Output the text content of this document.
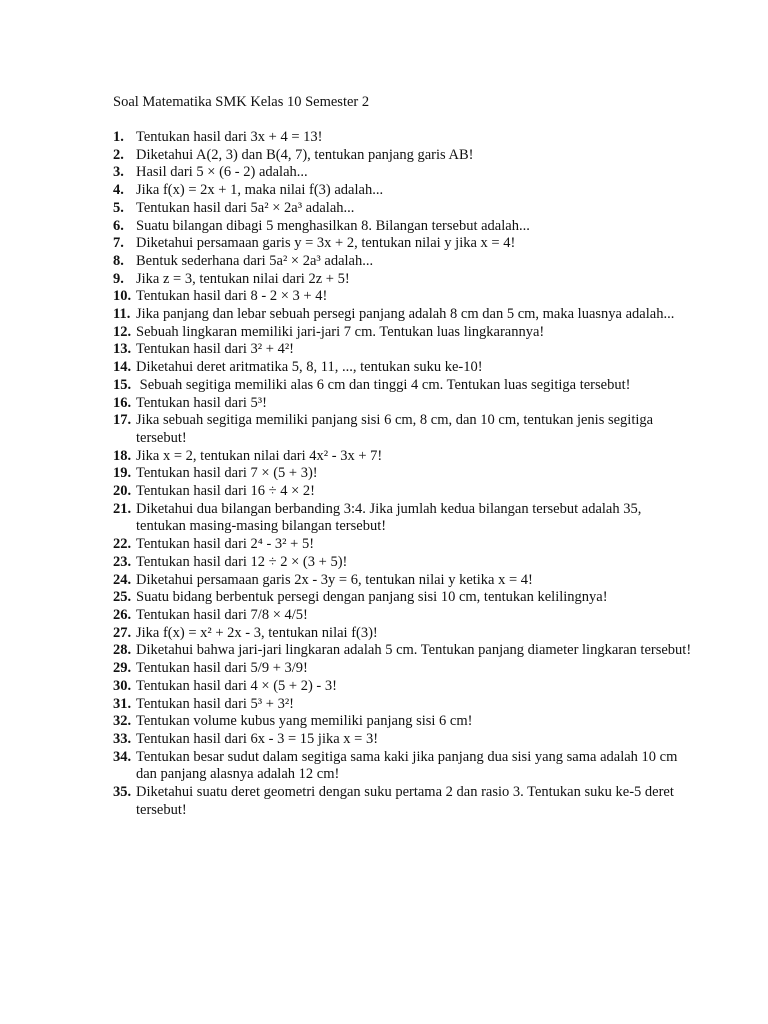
Soal Matematika SMK Kelas 10 Semester 2
1. Tentukan hasil dari 3x + 4 = 13!
2. Diketahui A(2, 3) dan B(4, 7), tentukan panjang garis AB!
3. Hasil dari 5 × (6 - 2) adalah...
4. Jika f(x) = 2x + 1, maka nilai f(3) adalah...
5. Tentukan hasil dari 5a² × 2a³ adalah...
6. Suatu bilangan dibagi 5 menghasilkan 8. Bilangan tersebut adalah...
7. Diketahui persamaan garis y = 3x + 2, tentukan nilai y jika x = 4!
8. Bentuk sederhana dari 5a² × 2a³ adalah...
9. Jika z = 3, tentukan nilai dari 2z + 5!
10. Tentukan hasil dari 8 - 2 × 3 + 4!
11. Jika panjang dan lebar sebuah persegi panjang adalah 8 cm dan 5 cm, maka luasnya adalah...
12. Sebuah lingkaran memiliki jari-jari 7 cm. Tentukan luas lingkarannya!
13. Tentukan hasil dari 3² + 4²!
14. Diketahui deret aritmatika 5, 8, 11, ..., tentukan suku ke-10!
15. Sebuah segitiga memiliki alas 6 cm dan tinggi 4 cm. Tentukan luas segitiga tersebut!
16. Tentukan hasil dari 5³!
17. Jika sebuah segitiga memiliki panjang sisi 6 cm, 8 cm, dan 10 cm, tentukan jenis segitiga tersebut!
18. Jika x = 2, tentukan nilai dari 4x² - 3x + 7!
19. Tentukan hasil dari 7 × (5 + 3)!
20. Tentukan hasil dari 16 ÷ 4 × 2!
21. Diketahui dua bilangan berbanding 3:4. Jika jumlah kedua bilangan tersebut adalah 35, tentukan masing-masing bilangan tersebut!
22. Tentukan hasil dari 2⁴ - 3² + 5!
23. Tentukan hasil dari 12 ÷ 2 × (3 + 5)!
24. Diketahui persamaan garis 2x - 3y = 6, tentukan nilai y ketika x = 4!
25. Suatu bidang berbentuk persegi dengan panjang sisi 10 cm, tentukan kelilingnya!
26. Tentukan hasil dari 7/8 × 4/5!
27. Jika f(x) = x² + 2x - 3, tentukan nilai f(3)!
28. Diketahui bahwa jari-jari lingkaran adalah 5 cm. Tentukan panjang diameter lingkaran tersebut!
29. Tentukan hasil dari 5/9 + 3/9!
30. Tentukan hasil dari 4 × (5 + 2) - 3!
31. Tentukan hasil dari 5³ + 3²!
32. Tentukan volume kubus yang memiliki panjang sisi 6 cm!
33. Tentukan hasil dari 6x - 3 = 15 jika x = 3!
34. Tentukan besar sudut dalam segitiga sama kaki jika panjang dua sisi yang sama adalah 10 cm dan panjang alasnya adalah 12 cm!
35. Diketahui suatu deret geometri dengan suku pertama 2 dan rasio 3. Tentukan suku ke-5 deret tersebut!
